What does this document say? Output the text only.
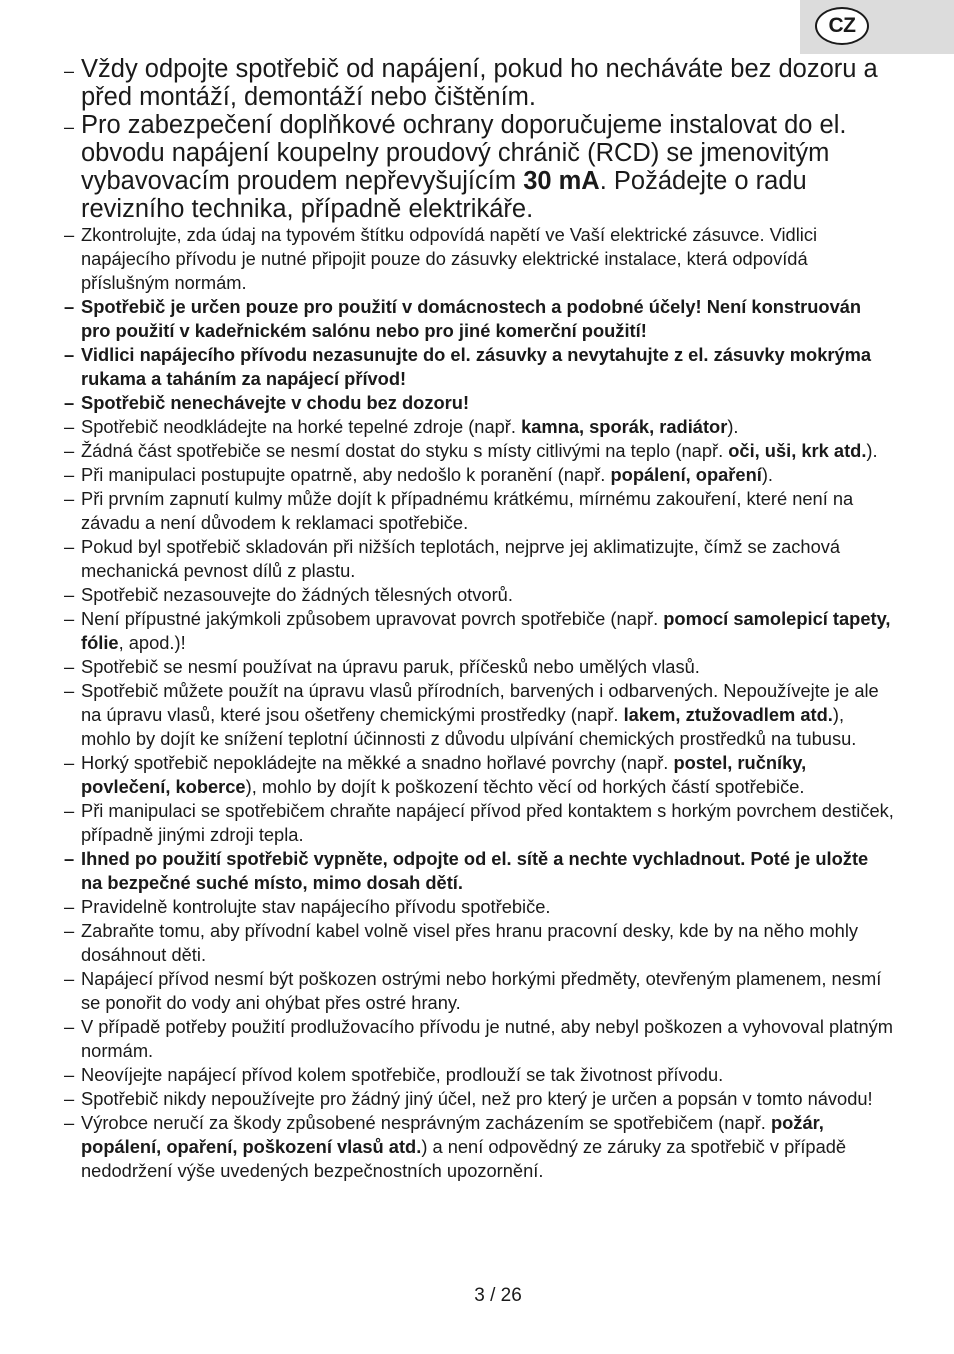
CZ
– Vždy odpojte spotřebič od napájení, pokud ho necháváte bez dozoru a před montáží, demontáží nebo čištěním.
– Pro zabezpečení doplňkové ochrany doporučujeme instalovat do el. obvodu napájení koupelny proudový chránič (RCD) se jmenovitým vybavovacím proudem nepřevyšujícím 30 mA. Požádejte o radu revizního technika, případně elektrikáře.
– Zkontrolujte, zda údaj na typovém štítku odpovídá napětí ve Vaší elektrické zásuvce. Vidlici napájecího přívodu je nutné připojit pouze do zásuvky elektrické instalace, která odpovídá příslušným normám.
– Spotřebič je určen pouze pro použití v domácnostech a podobné účely! Není konstruován pro použití v kadeřnickém salónu nebo pro jiné komerční použití!
– Vidlici napájecího přívodu nezasunujte do el. zásuvky a nevytahujte z el. zásuvky mokrýma rukama a taháním za napájecí přívod!
– Spotřebič nenechávejte v chodu bez dozoru!
– Spotřebič neodkládejte na horké tepelné zdroje (např. kamna, sporák, radiátor).
– Žádná část spotřebiče se nesmí dostat do styku s místy citlivými na teplo (např. oči, uši, krk atd.).
– Při manipulaci postupujte opatrně, aby nedošlo k poranění (např. popálení, opaření).
– Při prvním zapnutí kulmy může dojít k případnému krátkému, mírnému zakouření, které není na závadu a není důvodem k reklamaci spotřebiče.
– Pokud byl spotřebič skladován při nižších teplotách, nejprve jej aklimatizujte, čímž se zachová mechanická pevnost dílů z plastu.
– Spotřebič nezasouvejte do žádných tělesných otvorů.
– Není přípustné jakýmkoli způsobem upravovat povrch spotřebiče (např. pomocí samolepicí tapety, fólie, apod.)!
– Spotřebič se nesmí používat na úpravu paruk, příčesků nebo umělých vlasů.
– Spotřebič můžete použít na úpravu vlasů přírodních, barvených i odbarvených. Nepoužívejte je ale na úpravu vlasů, které jsou ošetřeny chemickými prostředky (např. lakem, ztužovadlem atd.), mohlo by dojít ke snížení teplotní účinnosti z důvodu ulpívání chemických prostředků na tubusu.
– Horký spotřebič nepokládejte na měkké a snadno hořlavé povrchy (např. postel, ručníky, povlečení, koberce), mohlo by dojít k poškození těchto věcí od horkých částí spotřebiče.
– Při manipulaci se spotřebičem chraňte napájecí přívod před kontaktem s horkým povrchem destiček, případně jinými zdroji tepla.
– Ihned po použití spotřebič vypněte, odpojte od el. sítě a nechte vychladnout. Poté je uložte na bezpečné suché místo, mimo dosah dětí.
– Pravidelně kontrolujte stav napájecího přívodu spotřebiče.
– Zabraňte tomu, aby přívodní kabel volně visel přes hranu pracovní desky, kde by na něho mohly dosáhnout děti.
– Napájecí přívod nesmí být poškozen ostrými nebo horkými předměty, otevřeným plamenem, nesmí se ponořit do vody ani ohýbat přes ostré hrany.
– V případě potřeby použití prodlužovacího přívodu je nutné, aby nebyl poškozen a vyhovoval platným normám.
– Neovíjejte napájecí přívod kolem spotřebiče, prodlouží se tak životnost přívodu.
– Spotřebič nikdy nepoužívejte pro žádný jiný účel, než pro který je určen a popsán v tomto návodu!
– Výrobce neručí za škody způsobené nesprávným zacházením se spotřebičem (např. požár, popálení, opaření, poškození vlasů atd.) a není odpovědný ze záruky za spotřebič v případě nedodržení výše uvedených bezpečnostních upozornění.
3 / 26
